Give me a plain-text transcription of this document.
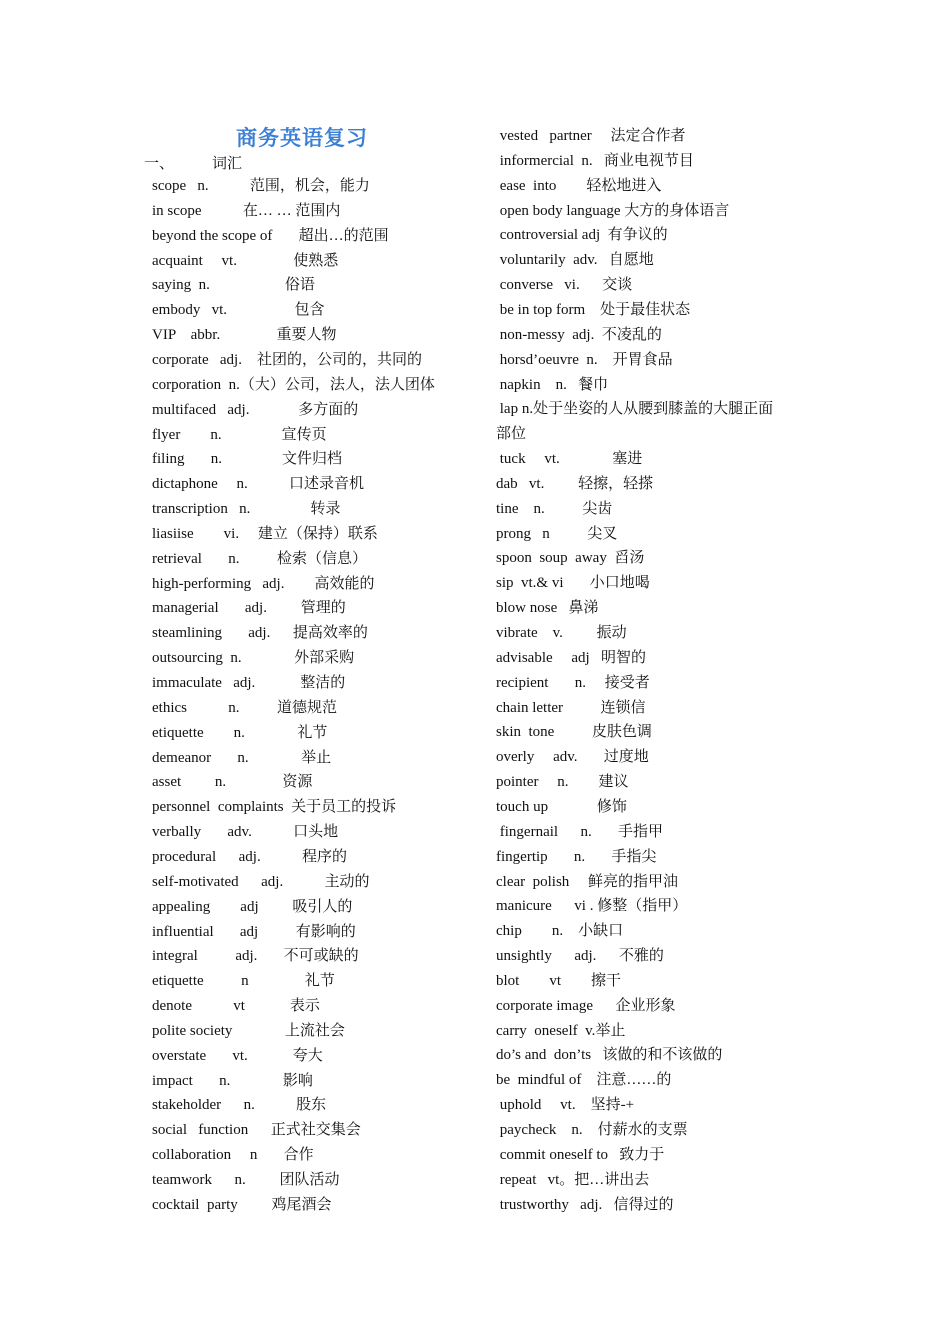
商务英语复习
一、	词汇
scope   n.           范围，机会，能力
in scope           在… … 范围内
beyond the scope of       超出…的范围
acquaint     vt.               使熟悉
saying  n.                    俗语
embody   vt.                  包含
VIP    abbr.               重要人物
corporate   adj.    社团的，公司的，共同的
corporation  n.（大）公司，法人，法人团体
multifaced   adj.             多方面的
flyer        n.                宣传页
filing       n.                文件归档
dictaphone     n.           口述录音机
transcription   n.                转录
liasiise        vi.     建立（保持）联系
retrieval       n.          检索（信息）
high-performing   adj.        高效能的
managerial       adj.         管理的
steamlining       adj.      提高效率的
outsourcing  n.              外部采购
immaculate   adj.            整洁的
ethics           n.          道德规范
etiquette        n.              礼节
demeanor       n.              举止
asset         n.               资源
personnel  complaints  关于员工的投诉
verbally       adv.           口头地
procedural      adj.           程序的
self-motivated      adj.           主动的
appealing        adj         吸引人的
influential       adj          有影响的
integral          adj.       不可或缺的
etiquette          n               礼节
denote           vt            表示
polite society              上流社会
overstate       vt.            夸大
impact       n.              影响
stakeholder      n.           股东
social   function      正式社交集会
collaboration     n       合作
teamwork      n.         团队活动
cocktail  party         鸡尾酒会
vested   partner     法定合作者
informercial  n.   商业电视节目
ease  into        轻松地进入
open body language 大方的身体语言
controversial adj  有争议的
voluntarily  adv.   自愿地
converse   vi.      交谈
be in top form    处于最佳状态
non-messy  adj.  不凌乱的
horsd’oeuvre  n.    开胃食品
napkin    n.   餐巾
lap n.处于坐姿的人从腰到膝盖的大腿正面
部位
tuck     vt.              塞进
dab   vt.         轻擦，轻搽
tine    n.          尖齿
prong   n          尖叉
spoon  soup  away  舀汤
sip  vt.& vi       小口地喝
blow nose   鼻涕
vibrate    v.         振动
advisable     adj   明智的
recipient       n.     接受者
chain letter          连锁信
skin  tone          皮肤色调
overly     adv.       过度地
pointer     n.        建议
touch up             修饰
fingernail      n.       手指甲
fingertip       n.       手指尖
clear  polish     鲜亮的指甲油
manicure      vi . 修整（指甲）
chip        n.    小缺口
unsightly      adj.      不雅的
blot        vt        擦干
corporate image      企业形象
carry  oneself  v.举止
do’s and  don’ts   该做的和不该做的
be  mindful of    注意……的
uphold     vt.    坚持-+
paycheck    n.    付薪水的支票
commit oneself to   致力于
repeat   vt。把…讲出去
trustworthy   adj.   信得过的
